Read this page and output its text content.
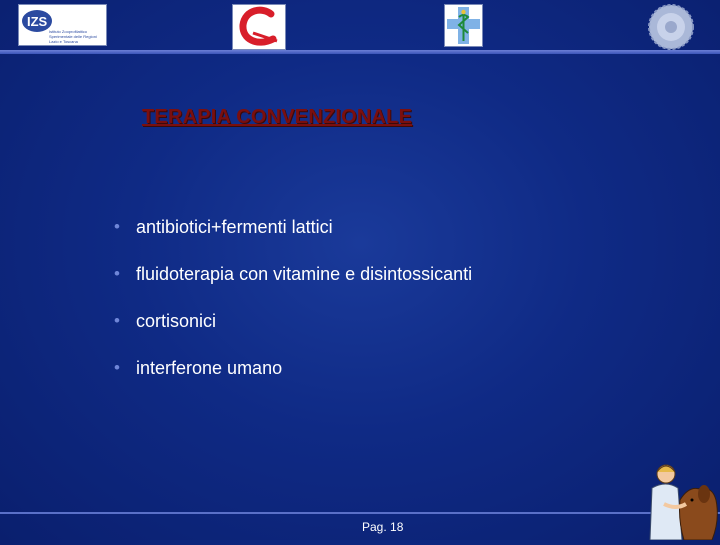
IZS
Istituto Zooprofilattico
Sperimentale delle Regioni
Lazio e Toscana
TERAPIA CONVENZIONALE
• antibiotici+fermenti lattici
• fluidoterapia con vitamine e disintossicanti
• cortisonici
• interferone umano
Pag. 18
